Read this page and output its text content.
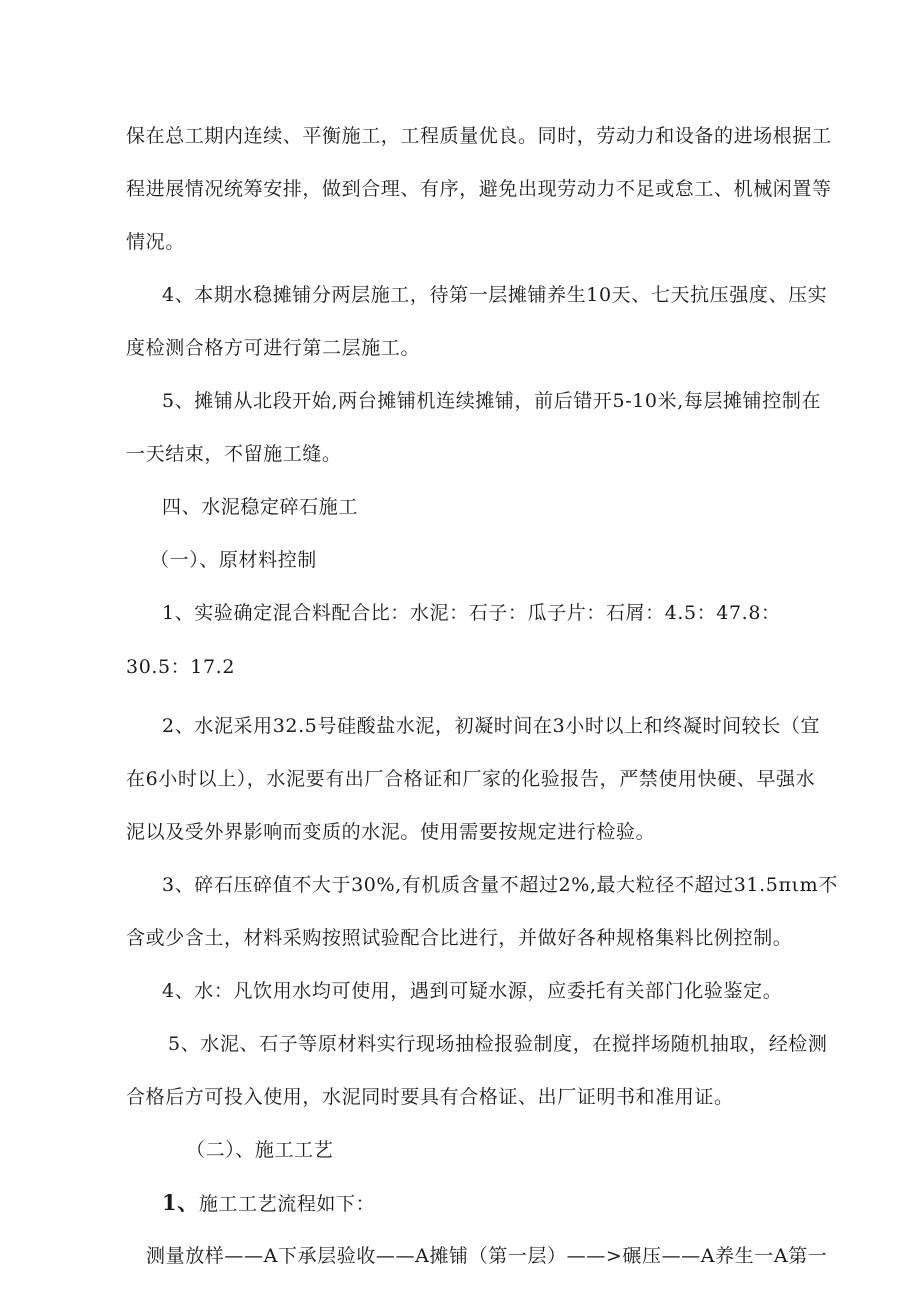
保在总工期内连续、平衡施工，工程质量优良。同时，劳动力和设备的进场根据工
程进展情况统筹安排，做到合理、有序，避免出现劳动力不足或怠工、机械闲置等
情况。
4、本期水稳摊铺分两层施工，待第一层摊铺养生10天、七天抗压强度、压实
度检测合格方可进行第二层施工。
5、摊铺从北段开始,两台摊铺机连续摊铺，前后错开5-10米,每层摊铺控制在
一天结束，不留施工缝。
四、水泥稳定碎石施工
（一）、原材料控制
1、实验确定混合料配合比：水泥：石子：瓜子片：石屑：4.5：47.8：
30.5：17.2
2、水泥采用32.5号硅酸盐水泥，初凝时间在3小时以上和终凝时间较长（宜
在6小时以上），水泥要有出厂合格证和厂家的化验报告，严禁使用快硬、早强水
泥以及受外界影响而变质的水泥。使用需要按规定进行检验。
3、碎石压碎值不大于30%,有机质含量不超过2%,最大粒径不超过31.5πιm不
含或少含土，材料采购按照试验配合比进行，并做好各种规格集料比例控制。
4、水：凡饮用水均可使用，遇到可疑水源，应委托有关部门化验鉴定。
5、水泥、石子等原材料实行现场抽检报验制度，在搅拌场随机抽取，经检测
合格后方可投入使用，水泥同时要具有合格证、出厂证明书和准用证。
（二）、施工工艺
1、施工工艺流程如下：
测量放样——A下承层验收——A摊铺（第一层）——>碾压——A养生一A第一
